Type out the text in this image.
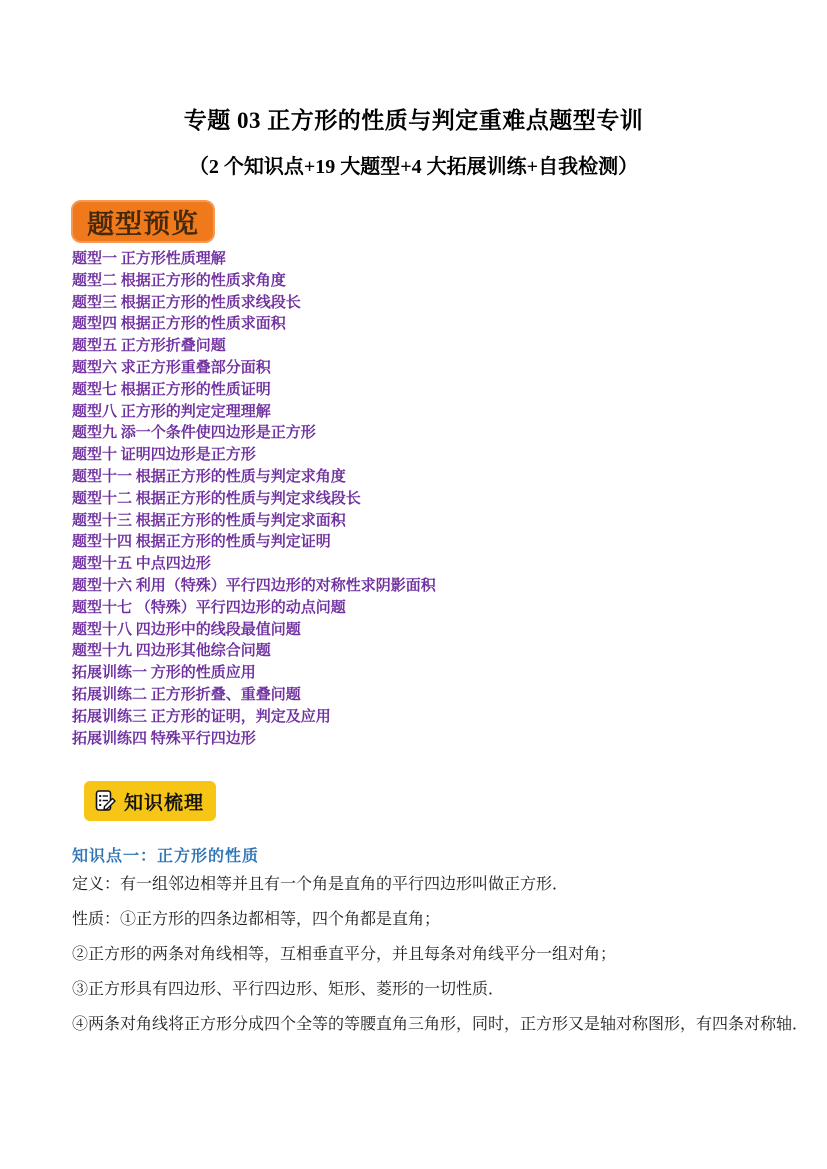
专题 03 正方形的性质与判定重难点题型专训
（2 个知识点+19 大题型+4 大拓展训练+自我检测）
题型预览
题型一 正方形性质理解
题型二 根据正方形的性质求角度
题型三 根据正方形的性质求线段长
题型四 根据正方形的性质求面积
题型五 正方形折叠问题
题型六 求正方形重叠部分面积
题型七 根据正方形的性质证明
题型八 正方形的判定定理理解
题型九 添一个条件使四边形是正方形
题型十 证明四边形是正方形
题型十一 根据正方形的性质与判定求角度
题型十二 根据正方形的性质与判定求线段长
题型十三 根据正方形的性质与判定求面积
题型十四 根据正方形的性质与判定证明
题型十五 中点四边形
题型十六 利用（特殊）平行四边形的对称性求阴影面积
题型十七 （特殊）平行四边形的动点问题
题型十八 四边形中的线段最值问题
题型十九 四边形其他综合问题
拓展训练一 方形的性质应用
拓展训练二 正方形折叠、重叠问题
拓展训练三 正方形的证明，判定及应用
拓展训练四 特殊平行四边形
知识梳理
知识点一：正方形的性质

定义：有一组邻边相等并且有一个角是直角的平行四边形叫做正方形．

性质：①正方形的四条边都相等，四个角都是直角；

②正方形的两条对角线相等，互相垂直平分，并且每条对角线平分一组对角；

③正方形具有四边形、平行四边形、矩形、菱形的一切性质．

④两条对角线将正方形分成四个全等的等腰直角三角形，同时，正方形又是轴对称图形，有四条对称轴．
